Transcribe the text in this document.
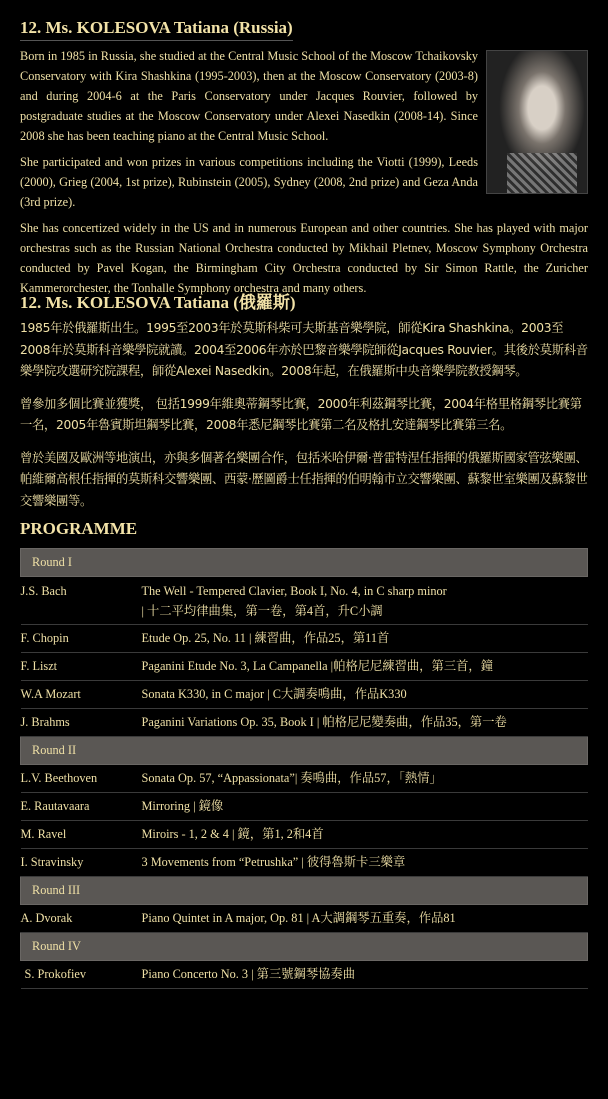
12. Ms. KOLESOVA Tatiana (Russia)

Born in 1985 in Russia, she studied at the Central Music School of the Moscow Tchaikovsky Conservatory with Kira Shashkina (1995-2003), then at the Moscow Conservatory (2003-8) and during 2004-6 at the Paris Conservatory under Jacques Rouvier, followed by postgraduate studies at the Moscow Conservatory under Alexei Nasedkin (2008-14). Since 2008 she has been teaching piano at the Central Music School.

She participated and won prizes in various competitions including the Viotti (1999), Leeds (2000), Grieg (2004, 1st prize), Rubinstein (2005), Sydney (2008, 2nd prize) and Geza Anda (3rd prize).

She has concertized widely in the US and in numerous European and other countries. She has played with major orchestras such as the Russian National Orchestra conducted by Mikhail Pletnev, Moscow Symphony Orchestra conducted by Pavel Kogan, the Birmingham City Orchestra conducted by Sir Simon Rattle, the Zuricher Kammerorchester, the Tonhalle Symphony orchestra and many others.

12. Ms. KOLESOVA Tatiana (俄羅斯)

1985年於俄羅斯出生。1995至2003年於莫斯科柴可夫斯基音樂學院，師從Kira Shashkina。2003至2008年於莫斯科音樂學院就讀。2004至2006年亦於巴黎音樂學院師從Jacques Rouvier。其後於莫斯科音樂學院攻選研究院課程，師從Alexei Nasedkin。2008年起，在俄羅斯中央音樂學院教授鋼琴。

曾參加多個比賽並獲獎， 包括1999年維奧蒂鋼琴比賽，2000年利茲鋼琴比賽，2004年格里格鋼琴比賽第一名，2005年魯賓斯坦鋼琴比賽，2008年悉尼鋼琴比賽第二名及格扎安達鋼琴比賽第三名。

曾於美國及歐洲等地演出，亦與多個著名樂團合作，包括米哈伊爾·普雷特涅任指揮的俄羅斯國家管弦樂團、帕維爾高根任指揮的莫斯科交響樂團、西蒙·歷圖爵士任指揮的伯明翰市立交響樂團、蘇黎世室樂團及蘇黎世交響樂團等。

PROGRAMME
Round I	
J.S. Bach	The Well - Tempered Clavier, Book I, No. 4, in C sharp minor
| 十二平均律曲集，第一卷，第4首，升C小調
F. Chopin	Etude Op. 25, No. 11 | 練習曲，作品25，第11首
F. Liszt	Paganini Etude No. 3, La Campanella |帕格尼尼練習曲，第三首，鐘
W.A Mozart	Sonata K330, in C major | C大調奏鳴曲，作品K330
J. Brahms	Paganini Variations Op. 35, Book I | 帕格尼尼變奏曲，作品35，第一卷
Round II	
L.V. Beethoven	Sonata Op. 57, “Appassionata”| 奏鳴曲，作品57，「熱情」
E. Rautavaara	Mirroring | 鏡像
M. Ravel	Miroirs - 1, 2 & 4 | 鏡，第1, 2和4首
I. Stravinsky	3 Movements from “Petrushka” | 彼得魯斯卡三樂章
Round III	
A. Dvorak	Piano Quintet in A major, Op. 81 | A大調鋼琴五重奏，作品81
Round IV	
S. Prokofiev	Piano Concerto No. 3 | 第三號鋼琴協奏曲
